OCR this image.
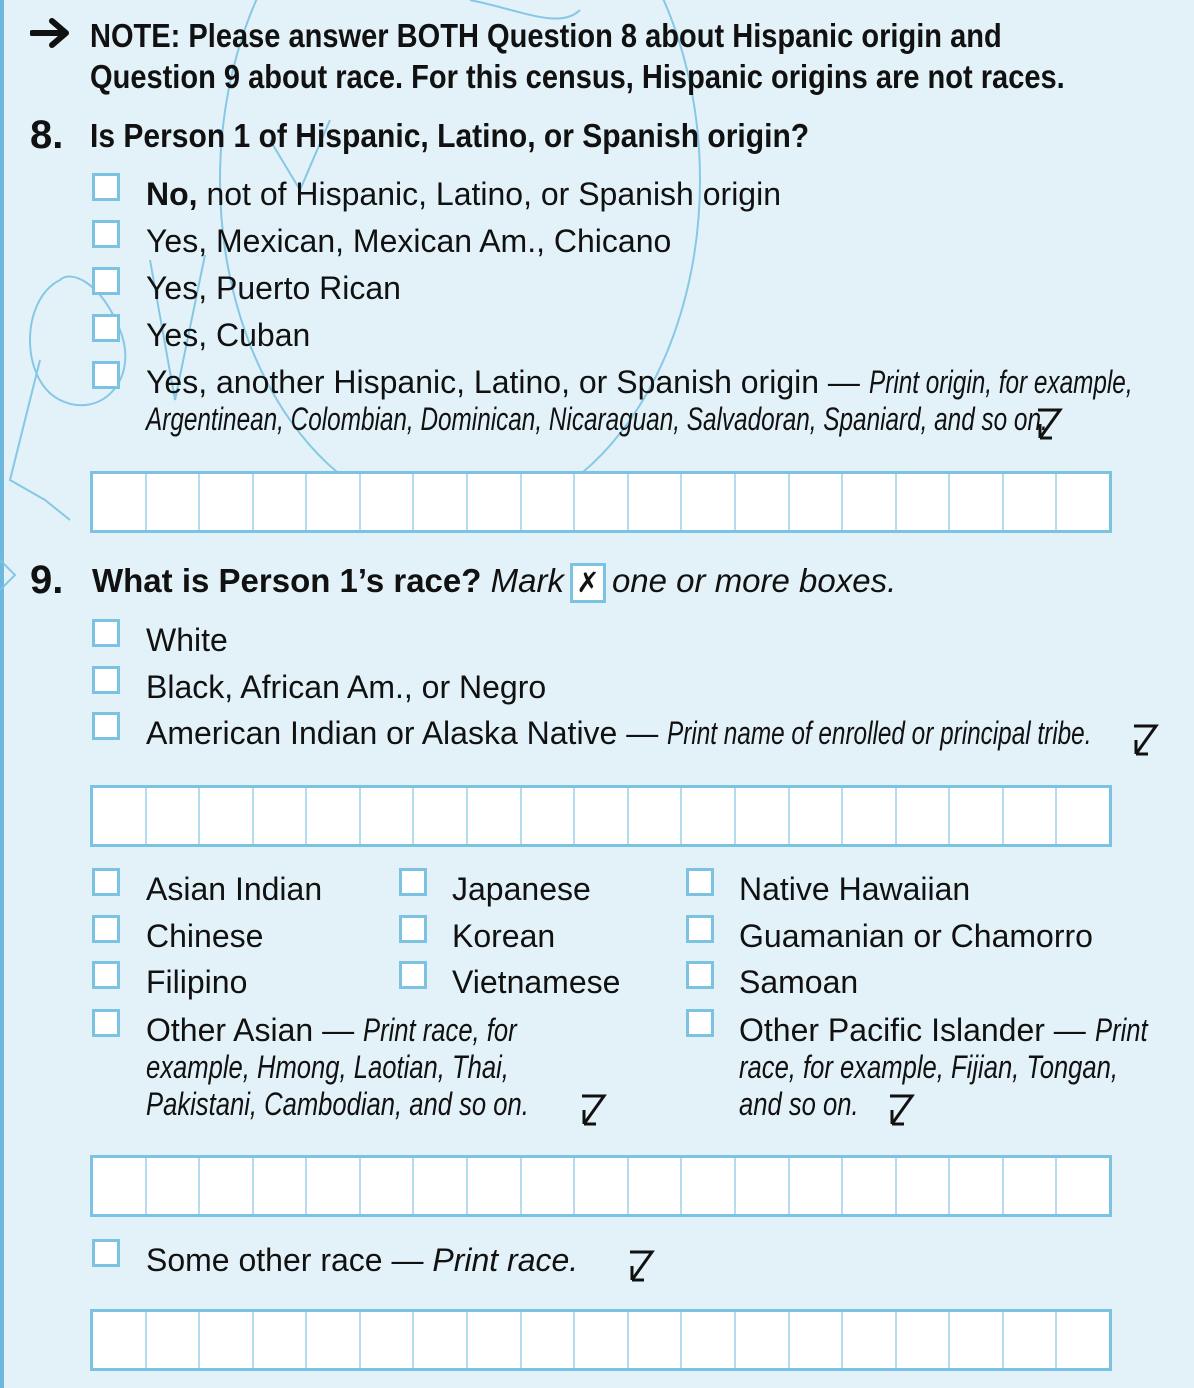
NOTE: Please answer BOTH Question 8 about Hispanic origin and
Question 9 about race. For this census, Hispanic origins are not races.
8. Is Person 1 of Hispanic, Latino, or Spanish origin?
No, not of Hispanic, Latino, or Spanish origin
Yes, Mexican, Mexican Am., Chicano
Yes, Puerto Rican
Yes, Cuban
Yes, another Hispanic, Latino, or Spanish origin — Print origin, for example,
Argentinean, Colombian, Dominican, Nicaraguan, Salvadoran, Spaniard, and so on.
9. What is Person 1’s race? Mark ✗ one or more boxes.
White
Black, African Am., or Negro
American Indian or Alaska Native — Print name of enrolled or principal tribe.
Asian Indian
Chinese
Filipino
Japanese
Korean
Vietnamese
Native Hawaiian
Guamanian or Chamorro
Samoan
Other Asian — Print race, for
example, Hmong, Laotian, Thai,
Pakistani, Cambodian, and so on.
Other Pacific Islander — Print
race, for example, Fijian, Tongan,
and so on.
Some other race — Print race.
